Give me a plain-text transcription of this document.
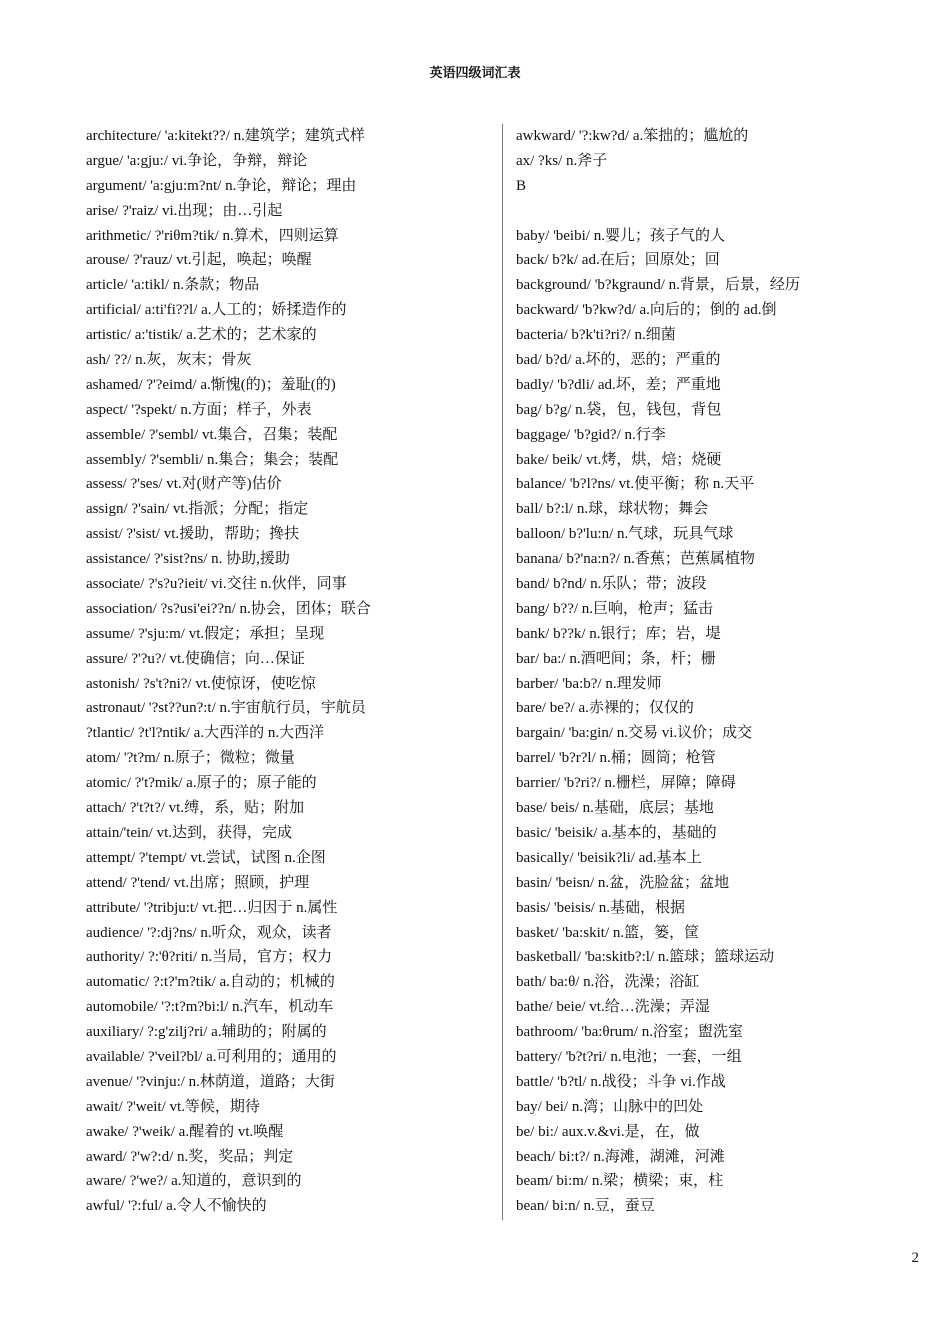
英语四级词汇表
architecture/ 'a:kitekt??/ n.建筑学；建筑式样
argue/ 'a:gju:/ vi.争论，争辩，辩论
argument/ 'a:gju:m?nt/ n.争论，辩论；理由
arise/ ?'raiz/ vi.出现；由…引起
arithmetic/ ?'riθm?tik/ n.算术，四则运算
arouse/ ?'rauz/ vt.引起，唤起；唤醒
article/ 'a:tikl/ n.条款；物品
artificial/ a:ti'fi??l/ a.人工的；娇揉造作的
artistic/ a:'tistik/ a.艺术的；艺术家的
ash/ ??/ n.灰，灰末；骨灰
ashamed/ ?'?eimd/ a.惭愧(的)；羞耻(的)
aspect/ '?spekt/ n.方面；样子，外表
assemble/ ?'sembl/ vt.集合，召集；装配
assembly/ ?'sembli/ n.集合；集会；装配
assess/ ?'ses/ vt.对(财产等)估价
assign/ ?'sain/ vt.指派；分配；指定
assist/ ?'sist/ vt.援助，帮助；搀扶
assistance/ ?'sist?ns/ n. 协助,援助
associate/ ?'s?u?ieit/ vi.交往 n.伙伴，同事
association/ ?s?usi'ei??n/ n.协会，团体；联合
assume/ ?'sju:m/ vt.假定；承担；呈现
assure/ ?'?u?/ vt.使确信；向…保证
astonish/ ?s't?ni?/ vt.使惊讶，使吃惊
astronaut/ '?st??un?:t/ n.宇宙航行员，宇航员
?tlantic/ ?t'l?ntik/ a.大西洋的 n.大西洋
atom/ '?t?m/ n.原子；微粒；微量
atomic/ ?'t?mik/ a.原子的；原子能的
attach/ ?'t?t?/ vt.缚，系，贴；附加
attain/'tein/ vt.达到，获得，完成
attempt/ ?'tempt/ vt.尝试，试图 n.企图
attend/ ?'tend/ vt.出席；照顾，护理
attribute/ '?tribju:t/ vt.把…归因于 n.属性
audience/ '?:dj?ns/ n.听众，观众，读者
authority/ ?:'θ?riti/ n.当局，官方；权力
automatic/ ?:t?'m?tik/ a.自动的；机械的
automobile/ '?:t?m?bi:l/ n.汽车，机动车
auxiliary/ ?:g'zilj?ri/ a.辅助的；附属的
available/ ?'veil?bl/ a.可利用的；通用的
avenue/ '?vinju:/ n.林荫道，道路；大街
await/ ?'weit/ vt.等候，期待
awake/ ?'weik/ a.醒着的 vt.唤醒
award/ ?'w?:d/ n.奖，奖品；判定
aware/ ?'we?/ a.知道的，意识到的
awful/ '?:ful/ a.令人不愉快的
awkward/ '?:kw?d/ a.笨拙的；尴尬的
ax/ ?ks/ n.斧子
B
baby/ 'beibi/ n.婴儿；孩子气的人
back/ b?k/ ad.在后；回原处；回
background/ 'b?kgraund/ n.背景，后景，经历
backward/ 'b?kw?d/ a.向后的；倒的 ad.倒
bacteria/ b?k'ti?ri?/ n.细菌
bad/ b?d/ a.坏的，恶的；严重的
badly/ 'b?dli/ ad.坏，差；严重地
bag/ b?g/ n.袋，包，钱包，背包
baggage/ 'b?gid?/ n.行李
bake/ beik/ vt.烤，烘，焙；烧硬
balance/ 'b?l?ns/ vt.使平衡；称 n.天平
ball/ b?:l/ n.球，球状物；舞会
balloon/ b?'lu:n/ n.气球，玩具气球
banana/ b?'na:n?/ n.香蕉；芭蕉属植物
band/ b?nd/ n.乐队；带；波段
bang/ b??/ n.巨响，枪声；猛击
bank/ b??k/ n.银行；库；岩，堤
bar/ ba:/ n.酒吧间；条，杆；栅
barber/ 'ba:b?/ n.理发师
bare/ be?/ a.赤裸的；仅仅的
bargain/ 'ba:gin/ n.交易 vi.议价；成交
barrel/ 'b?r?l/ n.桶；圆筒；枪管
barrier/ 'b?ri?/ n.栅栏，屏障；障碍
base/ beis/ n.基础，底层；基地
basic/ 'beisik/ a.基本的，基础的
basically/ 'beisik?li/ ad.基本上
basin/ 'beisn/ n.盆，洗脸盆；盆地
basis/ 'beisis/ n.基础，根据
basket/ 'ba:skit/ n.篮，篓，筐
basketball/ 'ba:skitb?:l/ n.篮球；篮球运动
bath/ ba:θ/ n.浴，洗澡；浴缸
bathe/ beie/ vt.给…洗澡；弄湿
bathroom/ 'ba:θrum/ n.浴室；盥洗室
battery/ 'b?t?ri/ n.电池；一套，一组
battle/ 'b?tl/ n.战役；斗争 vi.作战
bay/ bei/ n.湾；山脉中的凹处
be/ bi:/ aux.v.&vi.是，在，做
beach/ bi:t?/ n.海滩，湖滩，河滩
beam/ bi:m/ n.梁；横梁；束，柱
bean/ bi:n/ n.豆，蚕豆
2
